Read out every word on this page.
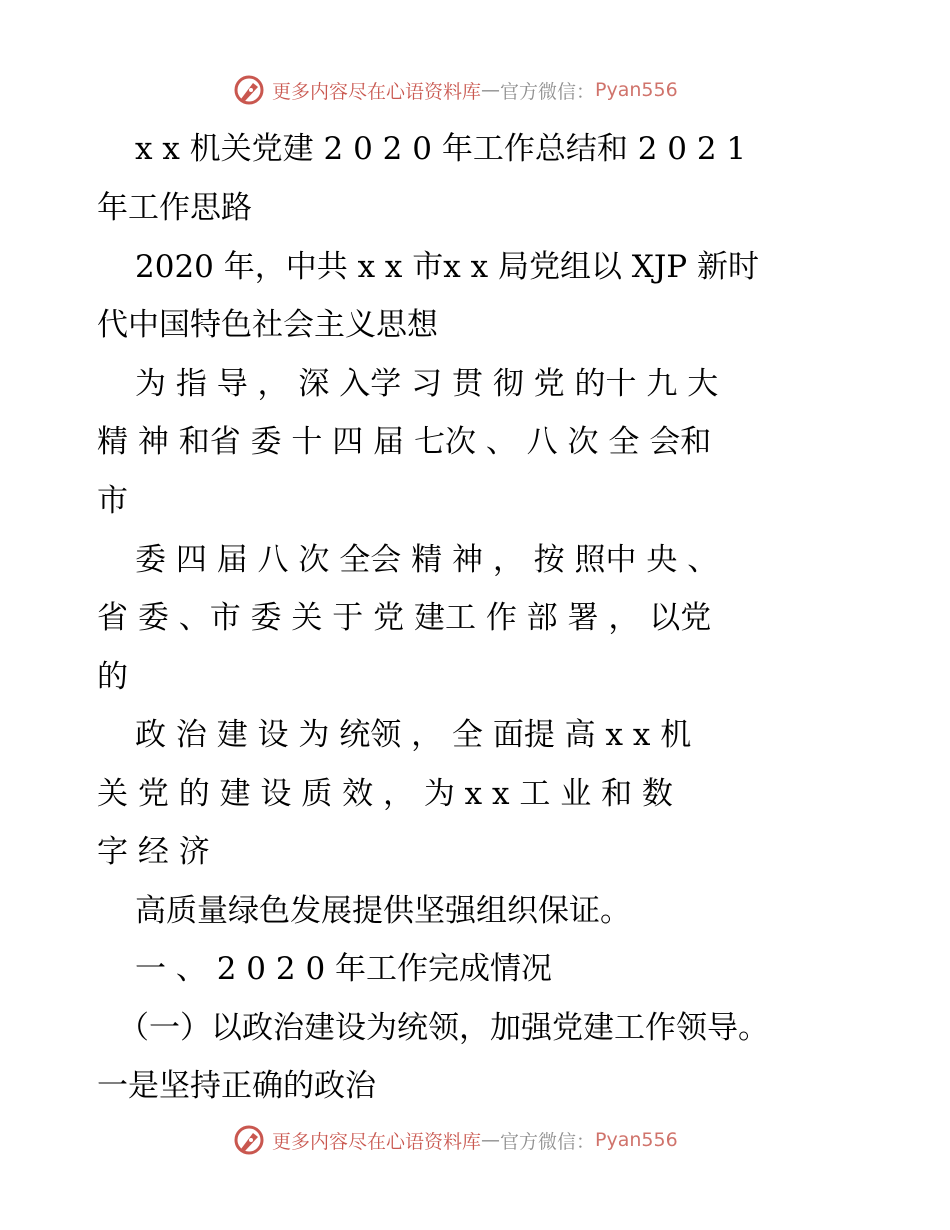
更多内容尽在心语资料库 — 官方微信： Pyan556
x x 机关党建 2 0 2 0 年工作总结和 2 0 2 1
年工作思路
2020 年，中共 x x 市x x 局党组以 XJP 新时
代中国特色社会主义思想
为 指 导 ， 深 入学 习 贯 彻 党 的十 九 大
精 神 和省 委 十 四 届 七次 、 八 次 全 会和
市
委 四 届 八 次 全会 精 神 ， 按 照中 央 、
省 委 、市 委 关 于 党 建工 作 部 署 ， 以党
的
政 治 建 设 为 统领 ， 全 面提 高 x x 机
关 党 的 建 设 质 效 ， 为 x x 工 业 和 数
字 经 济
高质量绿色发展提供坚强组织保证。
一 、 2 0 2 0 年工作完成情况
（一）以政治建设为统领，加强党建工作领导。
一是坚持正确的政治
更多内容尽在心语资料库 — 官方微信： Pyan556
